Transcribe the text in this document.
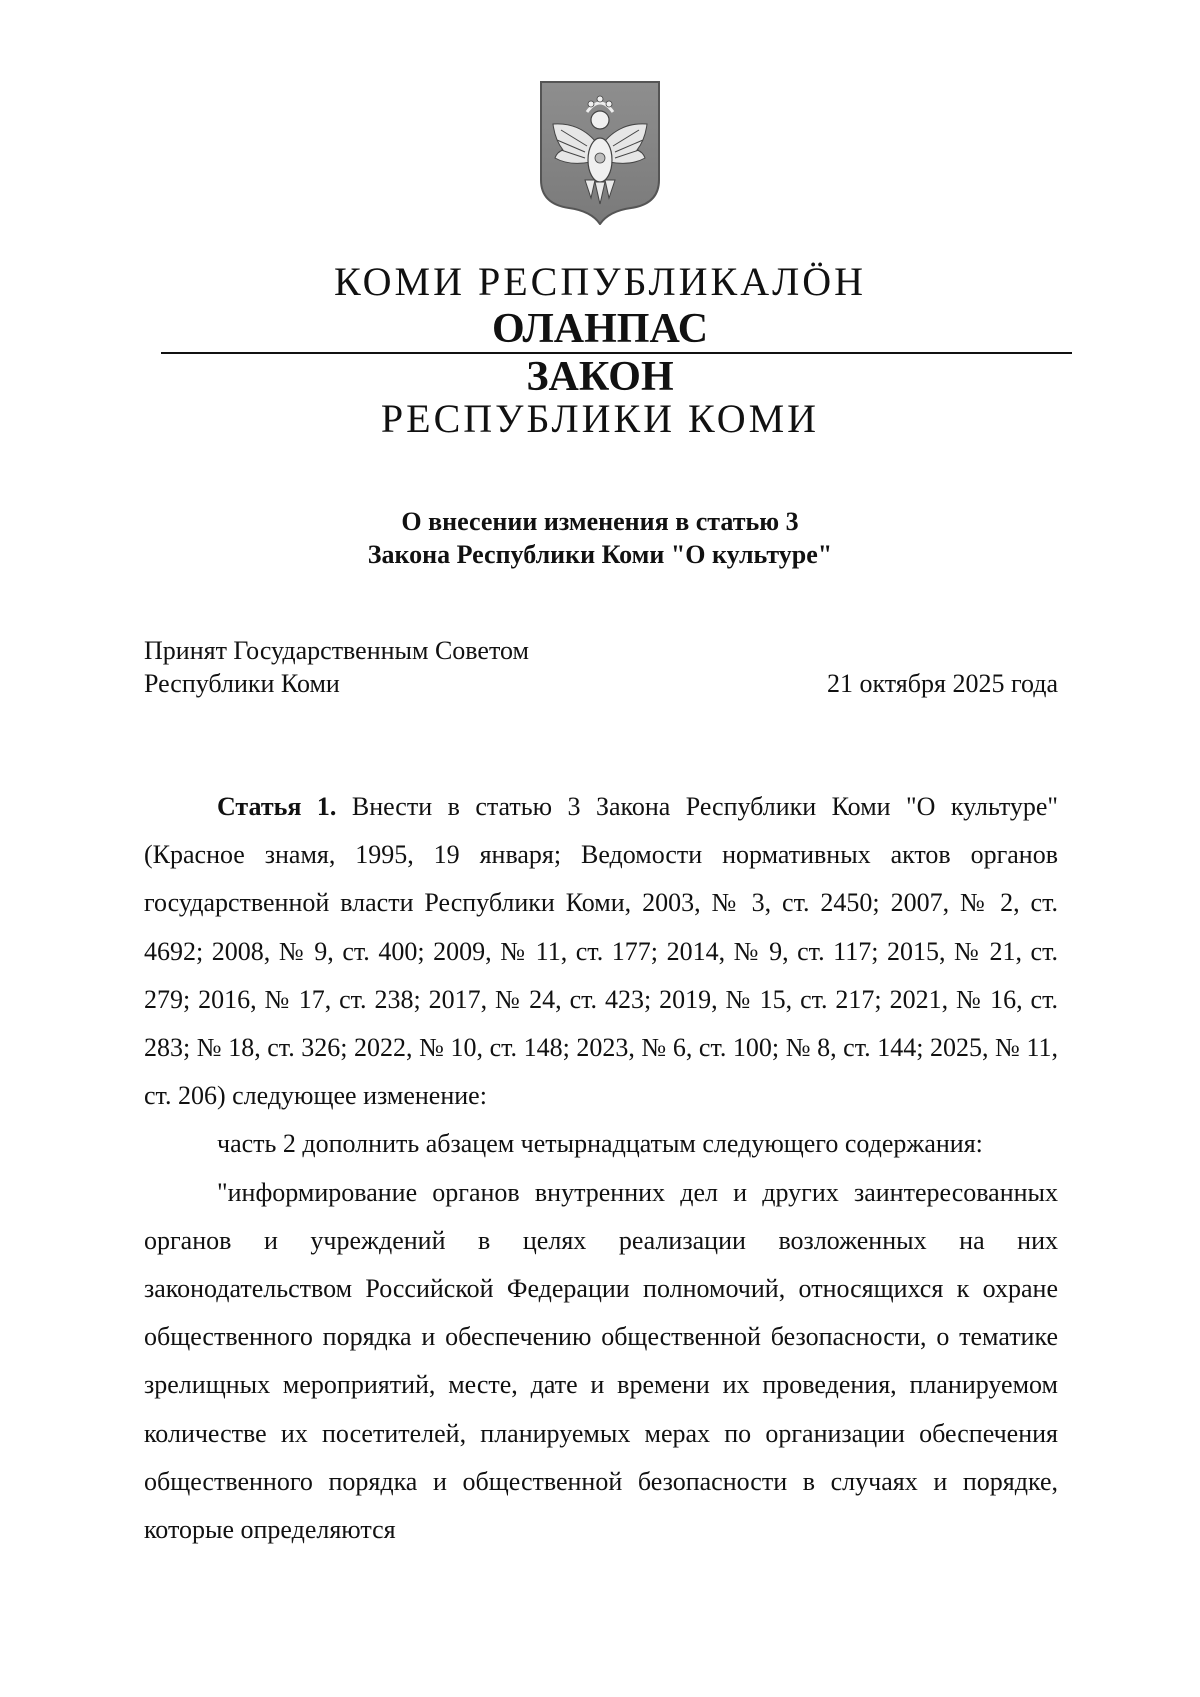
КОМИ РЕСПУБЛИКАЛÖН
ОЛАНПАС
ЗАКОН
РЕСПУБЛИКИ КОМИ
О внесении изменения в статью 3
Закона Республики Коми "О культуре"
Принят Государственным Советом
Республики Коми	21 октября 2025 года

Статья 1. Внести в статью 3 Закона Республики Коми "О культуре" (Красное знамя, 1995, 19 января; Ведомости нормативных актов органов государственной власти Республики Коми, 2003, № 3, ст. 2450; 2007, № 2, ст. 4692; 2008, № 9, ст. 400; 2009, № 11, ст. 177; 2014, № 9, ст. 117; 2015, № 21, ст. 279; 2016, № 17, ст. 238; 2017, № 24, ст. 423; 2019, № 15, ст. 217; 2021, № 16, ст. 283; № 18, ст. 326; 2022, № 10, ст. 148; 2023, № 6, ст. 100; № 8, ст. 144; 2025, № 11, ст. 206) следующее изменение:

часть 2 дополнить абзацем четырнадцатым следующего содержания:

"информирование органов внутренних дел и других заинтересованных органов и учреждений в целях реализации возложенных на них законодательством Российской Федерации полномочий, относящихся к охране общественного порядка и обеспечению общественной безопасности, о тематике зрелищных мероприятий, месте, дате и времени их проведения, планируемом количестве их посетителей, планируемых мерах по организации обеспечения общественного порядка и общественной безопасности в случаях и порядке, которые определяются
